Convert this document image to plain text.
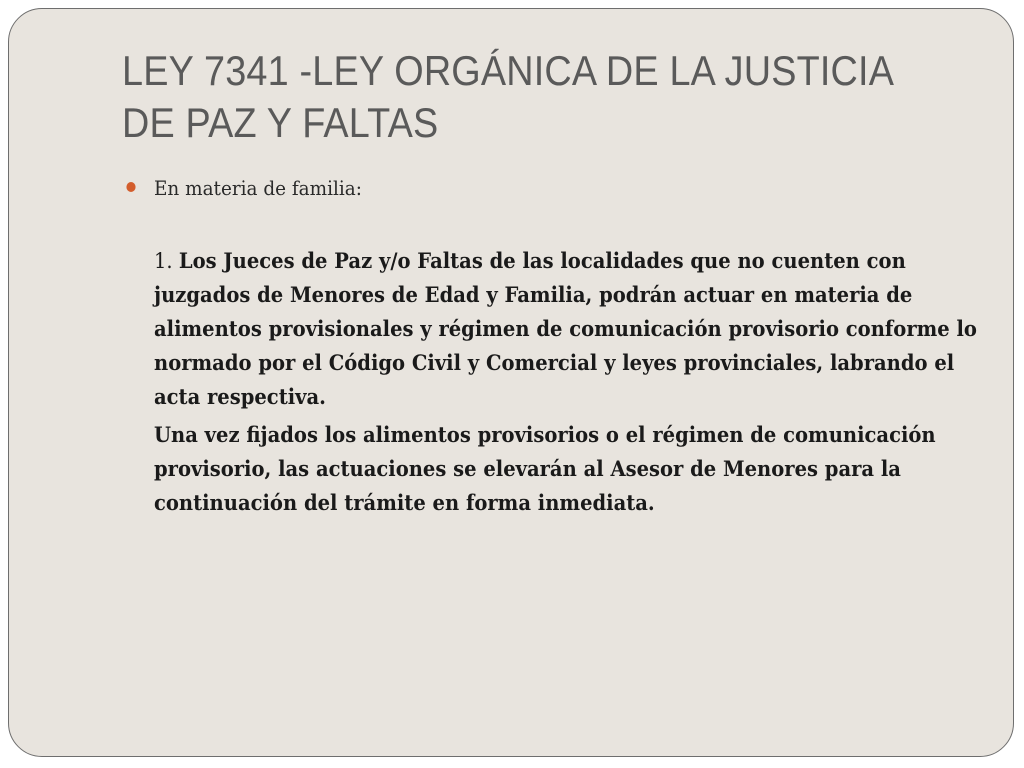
LEY 7341 -LEY ORGÁNICA DE LA JUSTICIA DE PAZ Y FALTAS
En materia de familia:

1. Los Jueces de Paz y/o Faltas de las localidades que no cuenten con juzgados de Menores de Edad y Familia, podrán actuar en materia de alimentos provisionales y régimen de comunicación provisorio conforme lo normado por el Código Civil y Comercial y leyes provinciales, labrando el acta respectiva.

Una vez fijados los alimentos provisorios o el régimen de comunicación provisorio, las actuaciones se elevarán al Asesor de Menores para la continuación del trámite en forma inmediata.
